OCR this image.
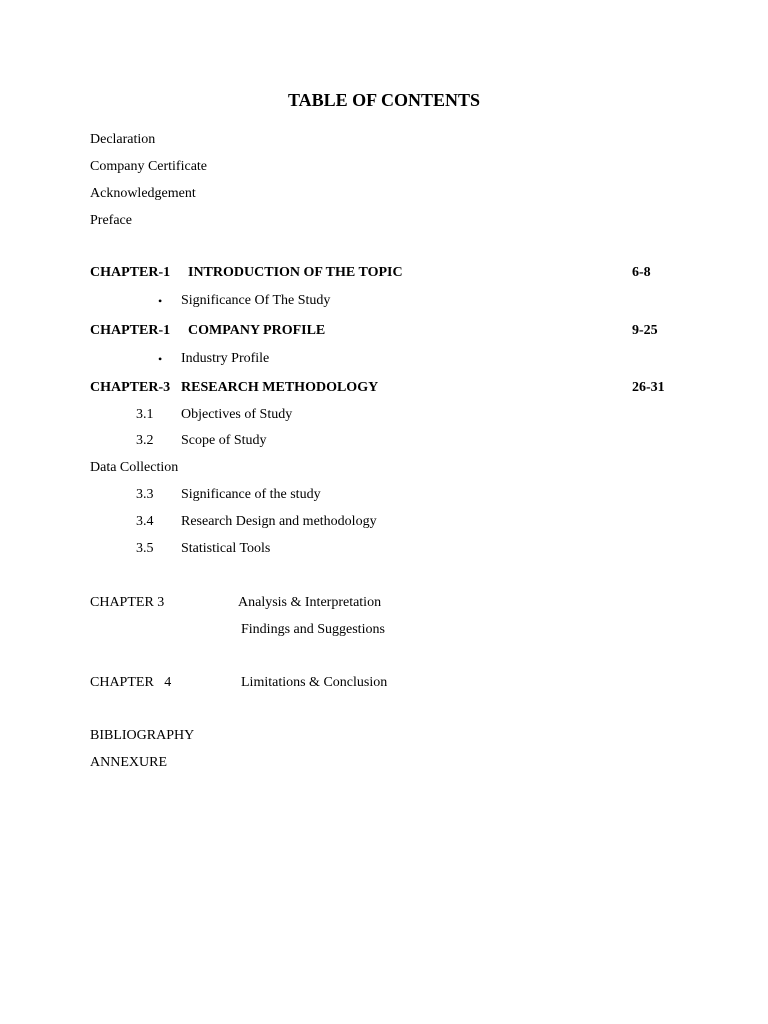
TABLE OF CONTENTS
Declaration
Company Certificate
Acknowledgement
Preface
CHAPTER-1 INTRODUCTION OF THE TOPIC	6-8
• Significance Of The Study
CHAPTER-1 COMPANY PROFILE	9-25
• Industry Profile
CHAPTER-3 RESEARCH METHODOLOGY	26-31
3.1 Objectives of Study
3.2 Scope of Study
Data Collection
3.3 Significance of the study
3.4 Research Design and methodology
3.5 Statistical Tools
CHAPTER 3	Analysis & Interpretation
Findings and Suggestions
CHAPTER   4	Limitations & Conclusion
BIBLIOGRAPHY
ANNEXURE
